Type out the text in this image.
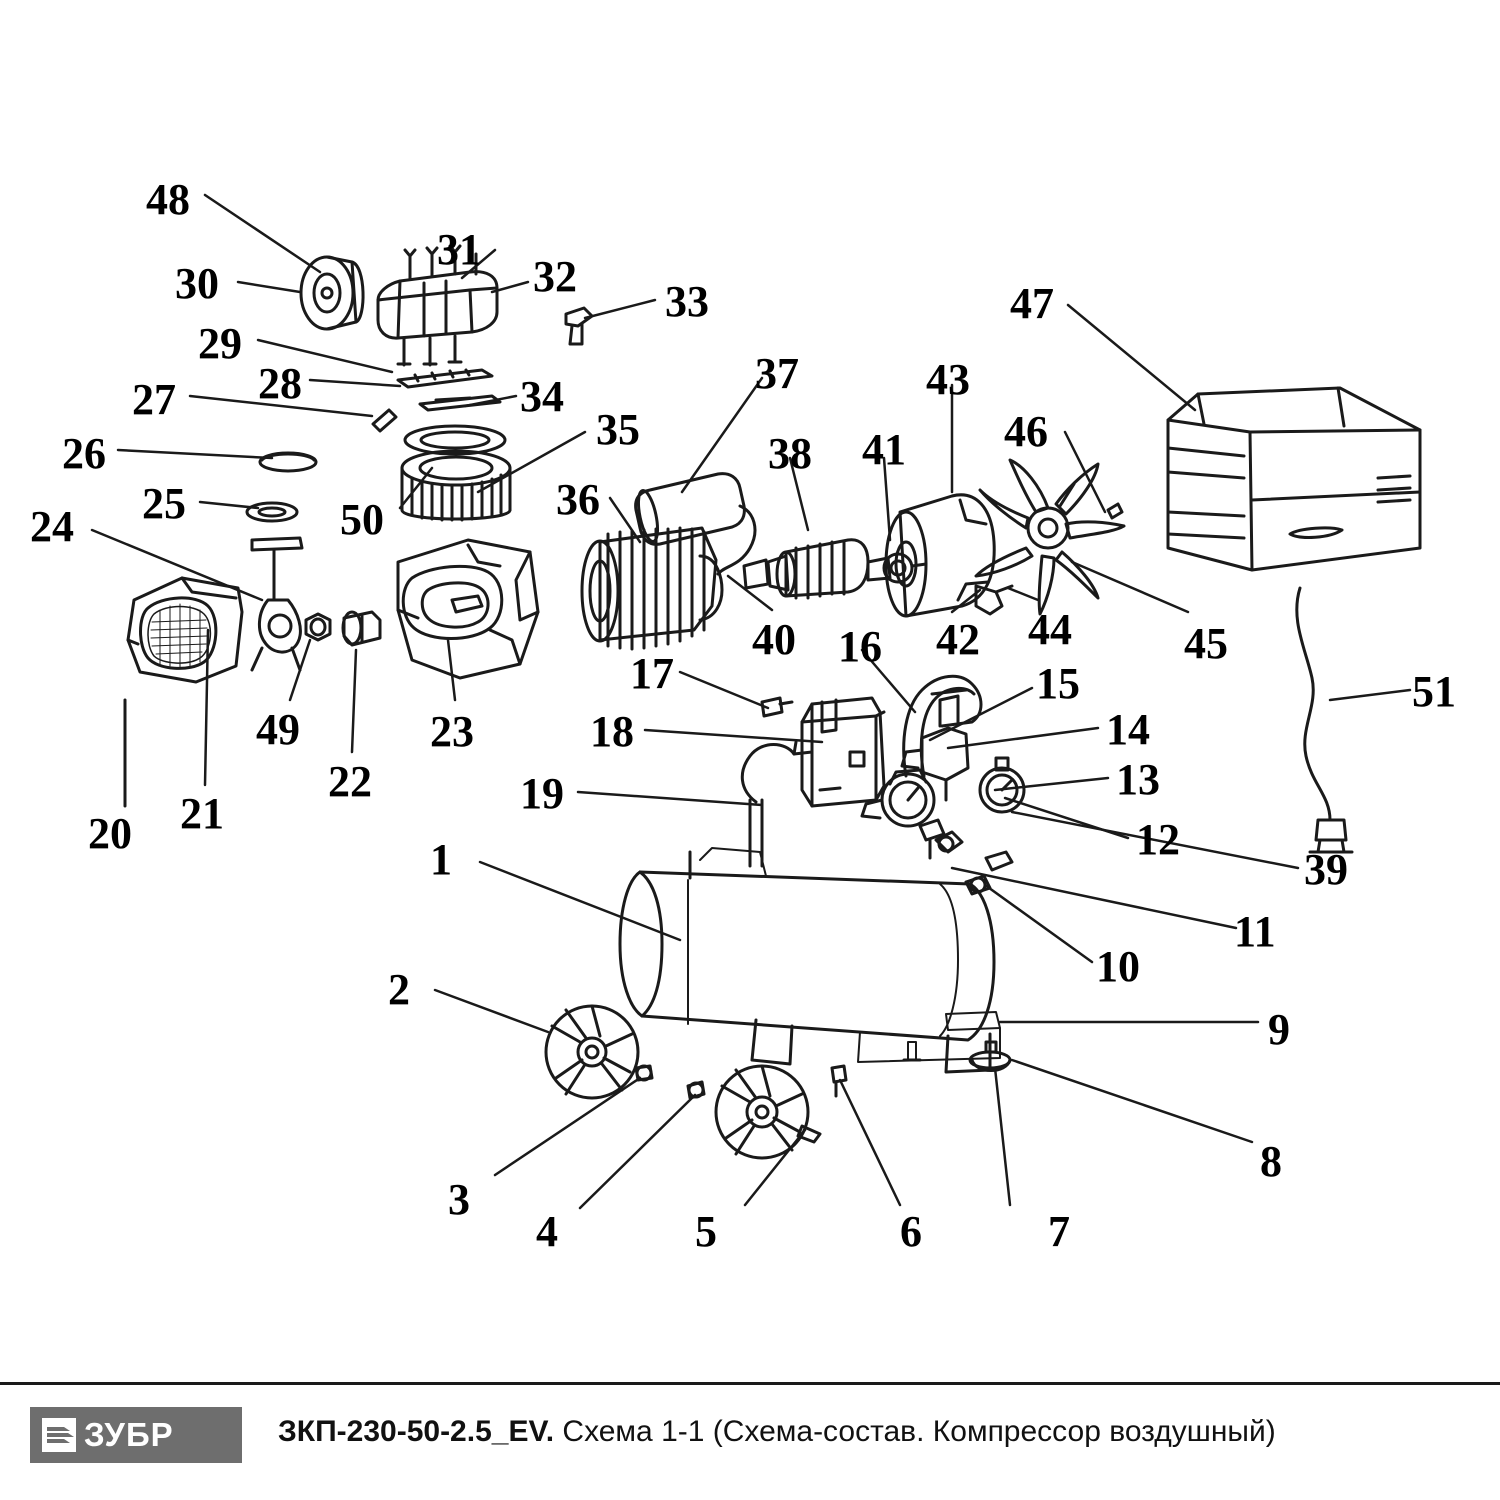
48
30
31
32
33
29
28
27	34
35
26
25	50
24
36
37
38 41
43
46
47
40 16 42 44	45
51
17	15
18	14
13
19
12
49
22
23
21
20
39
1
11
10
2
9
8
3
4	5	6	7
ЗУБР	ЗКП-230-50-2.5_EV. Схема 1-1 (Схема-состав. Компрессор воздушный)
